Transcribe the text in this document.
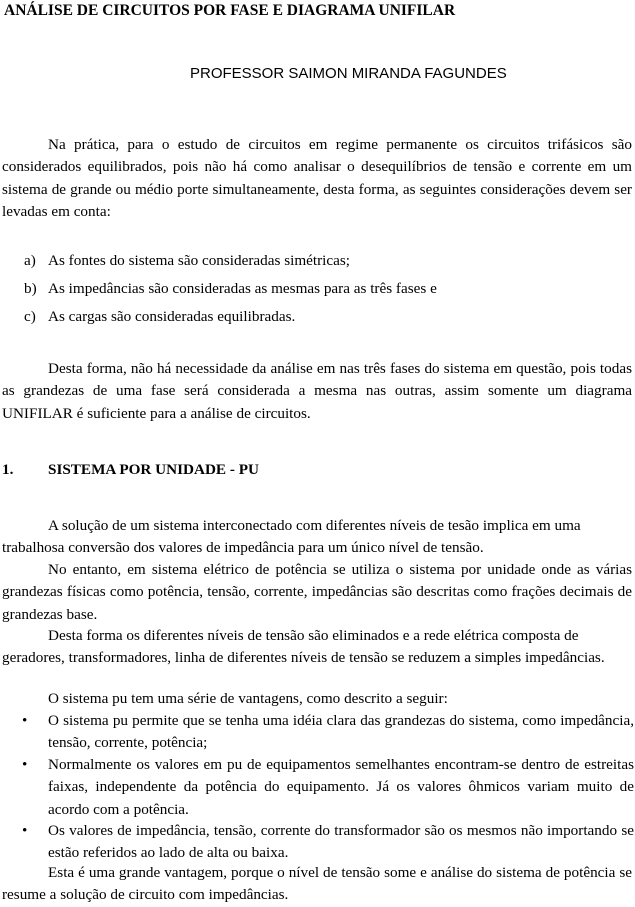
ANÁLISE DE CIRCUITOS POR FASE E DIAGRAMA UNIFILAR
PROFESSOR SAIMON MIRANDA FAGUNDES
Na prática, para o estudo de circuitos em regime permanente os circuitos trifásicos são considerados equilibrados, pois não há como analisar o desequilíbrios de tensão e corrente em um sistema de grande ou médio porte simultaneamente, desta forma, as seguintes considerações devem ser levadas em conta:
a) As fontes do sistema são consideradas simétricas;
b) As impedâncias são consideradas as mesmas para as três fases e
c) As cargas são consideradas equilibradas.
Desta forma, não há necessidade da análise em nas três fases do sistema em questão, pois todas as grandezas de uma fase será considerada a mesma nas outras, assim somente um diagrama UNIFILAR é suficiente para a análise de circuitos.
1. SISTEMA POR UNIDADE - PU
A solução de um sistema interconectado com diferentes níveis de tesão implica em uma trabalhosa conversão dos valores de impedância para um único nível de tensão.
No entanto, em sistema elétrico de potência se utiliza o sistema por unidade onde as várias grandezas físicas como potência, tensão, corrente, impedâncias são descritas como frações decimais de grandezas base.
Desta forma os diferentes níveis de tensão são eliminados e a rede elétrica composta de geradores, transformadores, linha de diferentes níveis de tensão se reduzem a simples impedâncias.
O sistema pu tem uma série de vantagens, como descrito a seguir:
•	O sistema pu permite que se tenha uma idéia clara das grandezas do sistema, como impedância, tensão, corrente, potência;
•	Normalmente os valores em pu de equipamentos semelhantes encontram-se dentro de estreitas faixas, independente da potência do equipamento. Já os valores ôhmicos variam muito de acordo com a potência.
•	Os valores de impedância, tensão, corrente do transformador são os mesmos não importando se estão referidos ao lado de alta ou baixa.
Esta é uma grande vantagem, porque o nível de tensão some e análise do sistema de potência se resume a solução de circuito com impedâncias.
